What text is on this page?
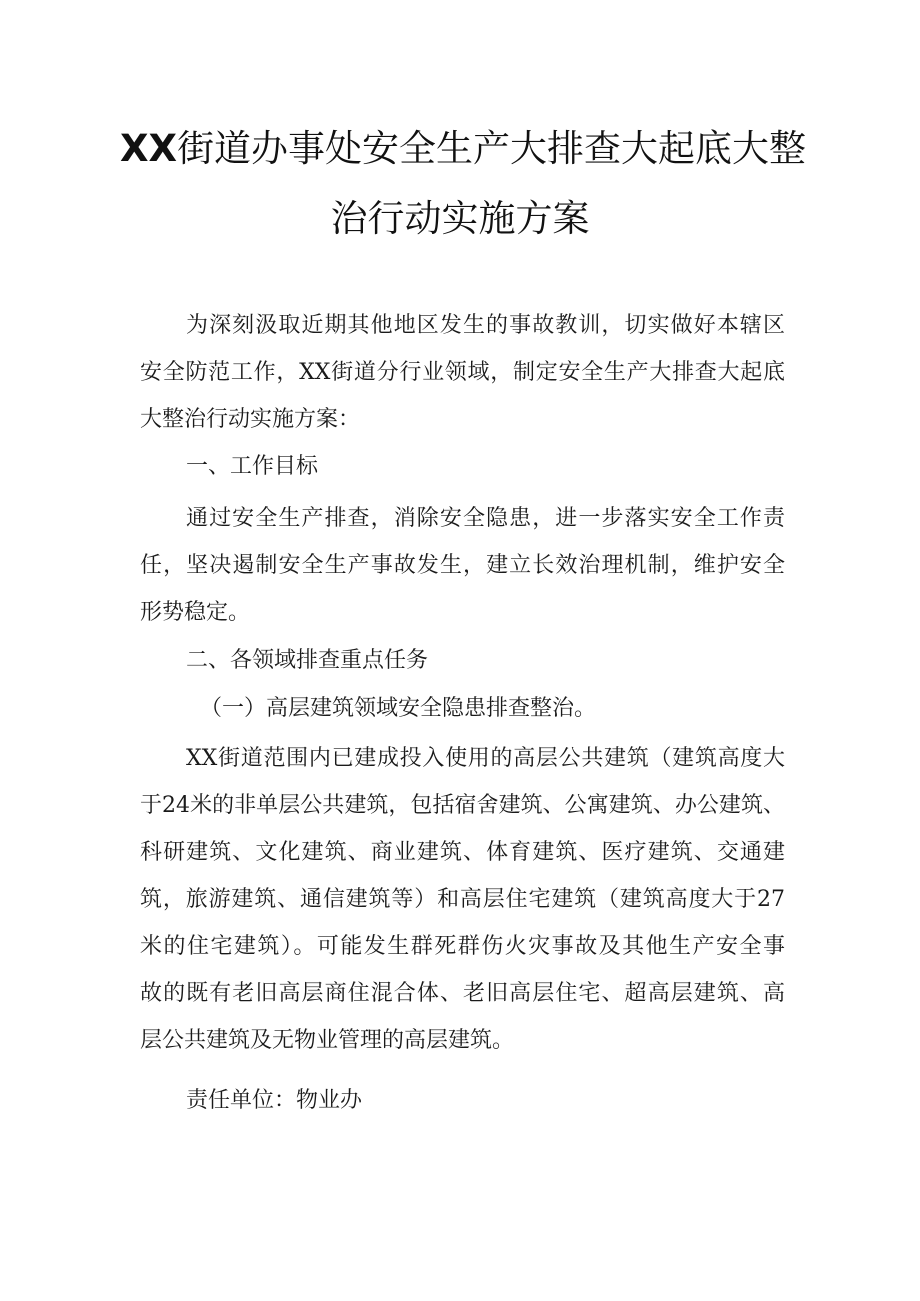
XX街道办事处安全生产大排查大起底大整
治行动实施方案
为深刻汲取近期其他地区发生的事故教训，切实做好本辖区
安全防范工作，XX街道分行业领域，制定安全生产大排查大起底
大整治行动实施方案：
一、工作目标
通过安全生产排查，消除安全隐患，进一步落实安全工作责
任，坚决遏制安全生产事故发生，建立长效治理机制，维护安全
形势稳定。
二、各领域排查重点任务
（一）高层建筑领域安全隐患排查整治。
XX街道范围内已建成投入使用的高层公共建筑（建筑高度大
于24米的非单层公共建筑，包括宿舍建筑、公寓建筑、办公建筑、
科研建筑、文化建筑、商业建筑、体育建筑、医疗建筑、交通建
筑，旅游建筑、通信建筑等）和高层住宅建筑（建筑高度大于27
米的住宅建筑）。可能发生群死群伤火灾事故及其他生产安全事
故的既有老旧高层商住混合体、老旧高层住宅、超高层建筑、高
层公共建筑及无物业管理的高层建筑。
责任单位：物业办
